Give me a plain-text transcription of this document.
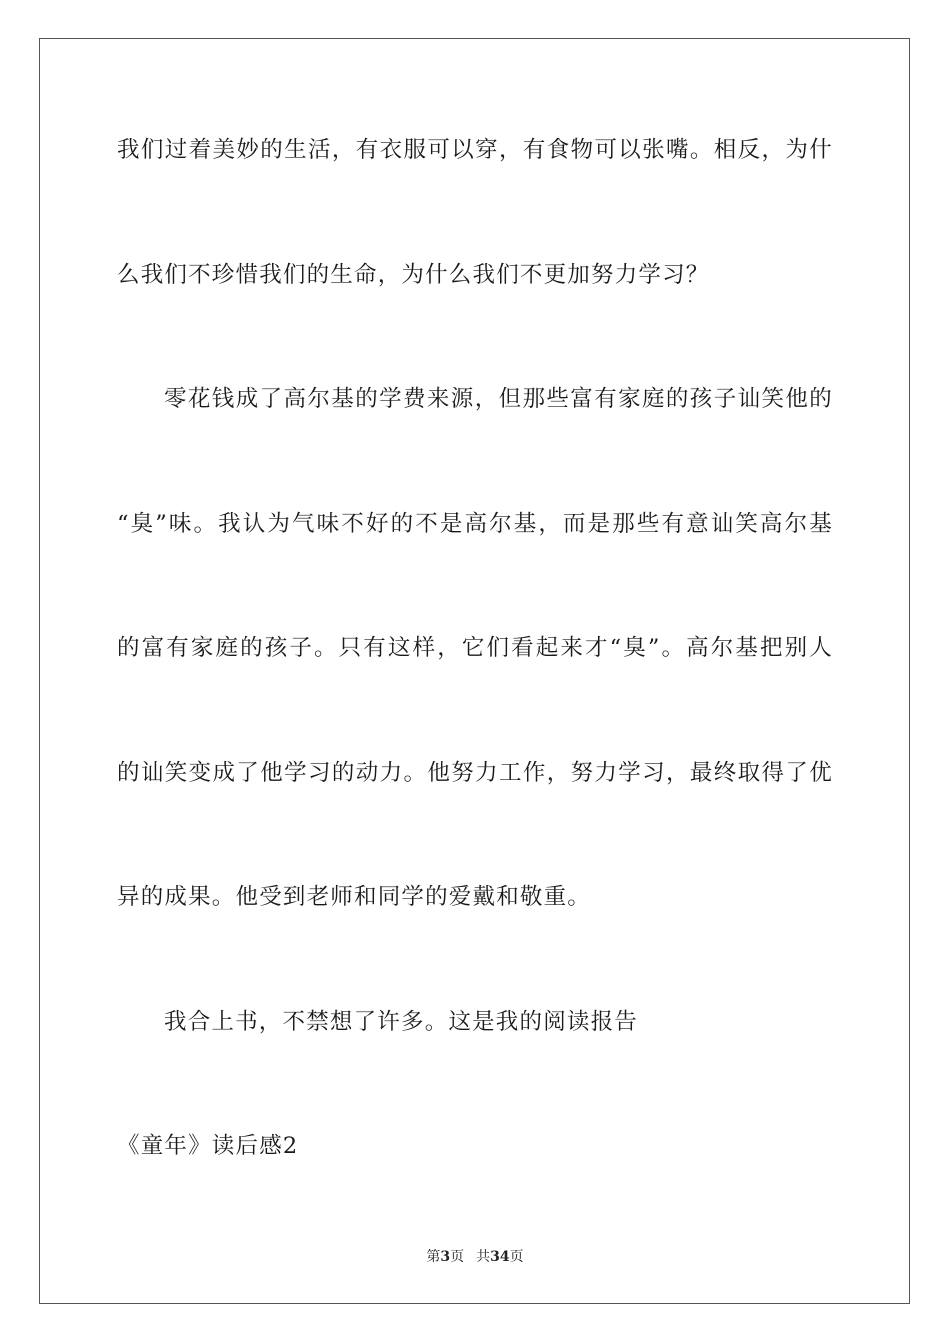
我们过着美妙的生活，有衣服可以穿，有食物可以张嘴。相反，为什
么我们不珍惜我们的生命，为什么我们不更加努力学习？
零花钱成了高尔基的学费来源，但那些富有家庭的孩子讪笑他的
“臭”味。我认为气味不好的不是高尔基，而是那些有意讪笑高尔基
的富有家庭的孩子。只有这样，它们看起来才“臭”。高尔基把别人
的讪笑变成了他学习的动力。他努力工作，努力学习，最终取得了优
异的成果。他受到老师和同学的爱戴和敬重。
我合上书，不禁想了许多。这是我的阅读报告
《童年》读后感2
第3页 共34页
